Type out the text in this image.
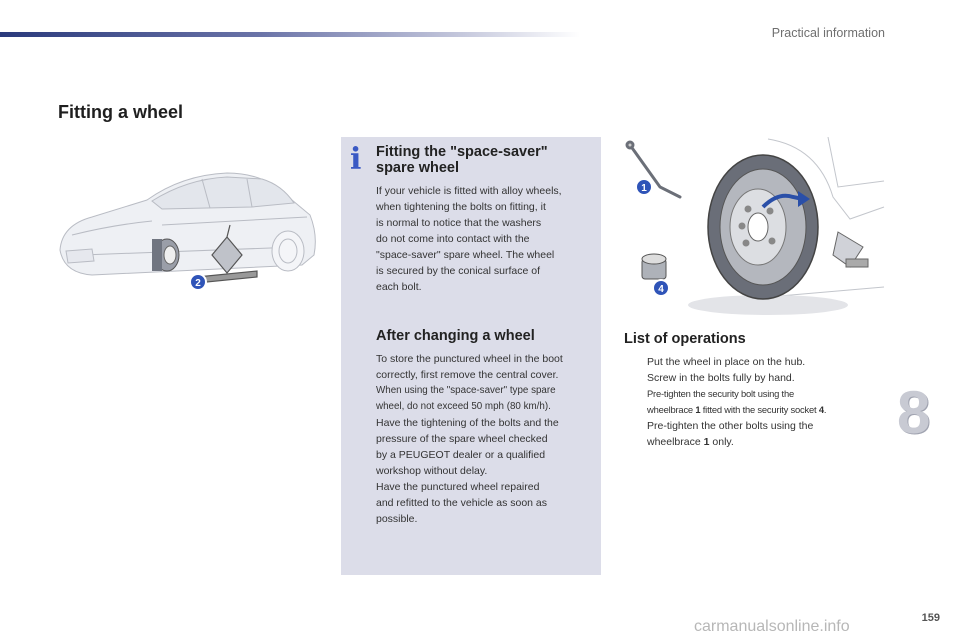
Practical information
Fitting a wheel
2
i Fitting the "space-saver"
spare wheel

If your vehicle is fitted with alloy wheels,

when tightening the bolts on fitting, it

is normal to notice that the washers

do not come into contact with the

"space-saver" spare wheel. The wheel

is secured by the conical surface of

each bolt.

After changing a wheel

To store the punctured wheel in the boot

correctly, first remove the central cover.

When using the "space-saver" type spare

wheel, do not exceed 50 mph (80 km/h).

Have the tightening of the bolts and the

pressure of the spare wheel checked

by a PEUGEOT dealer or a qualified

workshop without delay.

Have the punctured wheel repaired

and refitted to the vehicle as soon as

possible.

1
4
List of operations
Put the wheel in place on the hub.
Screw in the bolts fully by hand.
Pre-tighten the security bolt using the
wheelbrace 1 fitted with the security socket 4.
Pre-tighten the other bolts using the
wheelbrace 1 only.	8
carmanualsonline.info	159
